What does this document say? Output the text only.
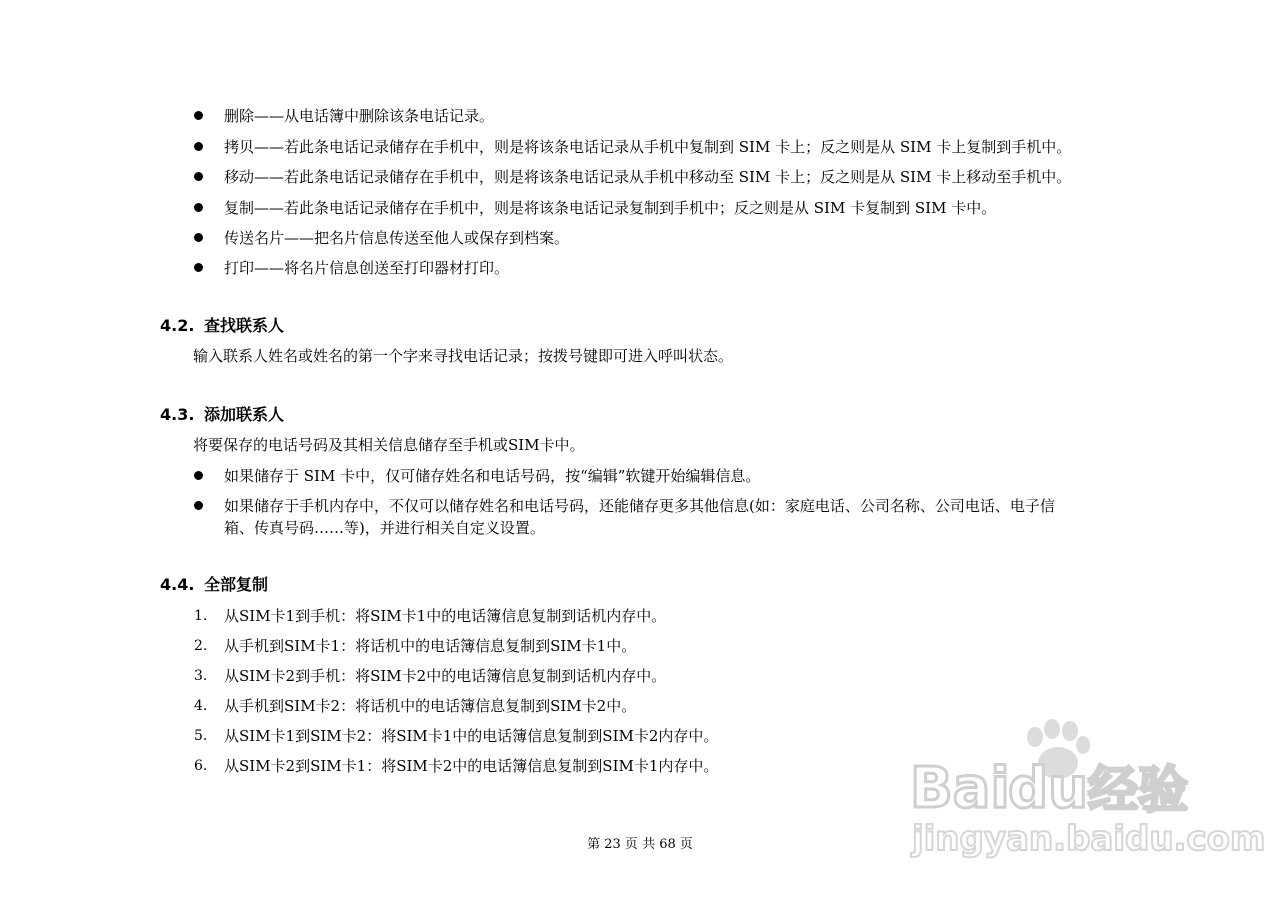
删除——从电话簿中删除该条电话记录。
拷贝——若此条电话记录储存在手机中，则是将该条电话记录从手机中复制到 SIM 卡上；反之则是从 SIM 卡上复制到手机中。
移动——若此条电话记录储存在手机中，则是将该条电话记录从手机中移动至 SIM 卡上；反之则是从 SIM 卡上移动至手机中。
复制——若此条电话记录储存在手机中，则是将该条电话记录复制到手机中；反之则是从 SIM 卡复制到 SIM 卡中。
传送名片——把名片信息传送至他人或保存到档案。
打印——将名片信息创送至打印器材打印。
4.2. 查找联系人
输入联系人姓名或姓名的第一个字来寻找电话记录；按拨号键即可进入呼叫状态。
4.3. 添加联系人
将要保存的电话号码及其相关信息储存至手机或SIM卡中。
如果储存于 SIM 卡中，仅可储存姓名和电话号码，按“编辑”软键开始编辑信息。
如果储存于手机内存中，不仅可以储存姓名和电话号码，还能储存更多其他信息(如：家庭电话、公司名称、公司电话、电子信
箱、传真号码……等)，并进行相关自定义设置。
4.4. 全部复制
1. 从SIM卡1到手机：将SIM卡1中的电话簿信息复制到话机内存中。
2. 从手机到SIM卡1：将话机中的电话簿信息复制到SIM卡1中。
3. 从SIM卡2到手机：将SIM卡2中的电话簿信息复制到话机内存中。
4. 从手机到SIM卡2：将话机中的电话簿信息复制到SIM卡2中。
5. 从SIM卡1到SIM卡2：将SIM卡1中的电话簿信息复制到SIM卡2内存中。
6. 从SIM卡2到SIM卡1：将SIM卡2中的电话簿信息复制到SIM卡1内存中。
第 23 页 共 68 页
Bai
du 经验
jingyan.baidu.com
